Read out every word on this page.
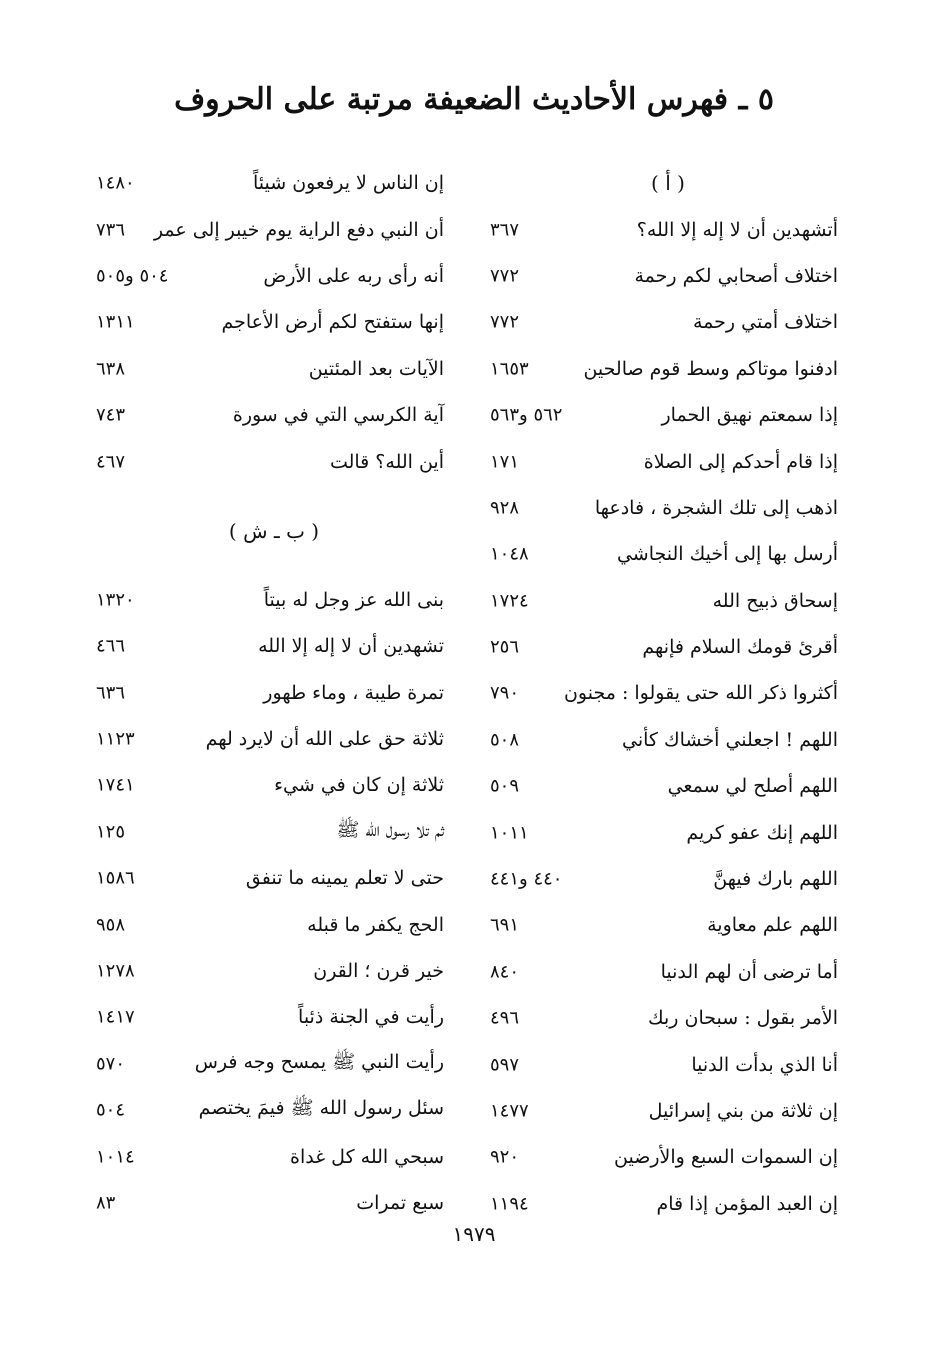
٥ ـ فهرس الأحاديث الضعيفة مرتبة على الحروف
( أ )
أتشهدين أن لا إله إلا الله؟
٣٦٧
اختلاف أصحابي لكم رحمة
٧٧٢
اختلاف أمتي رحمة
٧٧٢
ادفنوا موتاكم وسط قوم صالحين
١٦٥٣
إذا سمعتم نهيق الحمار
٥٦٢ و٥٦٣
إذا قام أحدكم إلى الصلاة
١٧١
اذهب إلى تلك الشجرة ، فادعها
٩٢٨
أرسل بها إلى أخيك النجاشي
١٠٤٨
إسحاق ذبيح الله
١٧٢٤
أقرئ قومك السلام فإنهم
٢٥٦
أكثروا ذكر الله حتى يقولوا : مجنون
٧٩٠
اللهم ! اجعلني أخشاك كأني
٥٠٨
اللهم أصلح لي سمعي
٥٠٩
اللهم إنك عفو كريم
١٠١١
اللهم بارك فيهنَّ
٤٤٠ و٤٤١
اللهم علم معاوية
٦٩١
أما ترضى أن لهم الدنيا
٨٤٠
الأمر بقول : سبحان ربك
٤٩٦
أنا الذي بدأت الدنيا
٥٩٧
إن ثلاثة من بني إسرائيل
١٤٧٧
إن السموات السبع والأرضين
٩٢٠
إن العبد المؤمن إذا قام
١١٩٤
إن الناس لا يرفعون شيئاً
١٤٨٠
أن النبي دفع الراية يوم خيبر إلى عمر
٧٣٦
أنه رأى ربه على الأرض
٥٠٤ و٥٠٥
إنها ستفتح لكم أرض الأعاجم
١٣١١
الآيات بعد المئتين
٦٣٨
آية الكرسي التي في سورة
٧٤٣
أين الله؟ قالت
٤٦٧
( ب ـ ش )
بنى الله عز وجل له بيتاً
١٣٢٠
تشهدين أن لا إله إلا الله
٤٦٦
تمرة طيبة ، وماء طهور
٦٣٦
ثلاثة حق على الله أن لايرد لهم
١١٢٣
ثلاثة إن كان في شيء
١٧٤١
ثم تلا رسول الله ﷺ
١٢٥
حتى لا تعلم يمينه ما تنفق
١٥٨٦
الحج يكفر ما قبله
٩٥٨
خير قرن ؛ القرن
١٢٧٨
رأيت في الجنة ذئباً
١٤١٧
رأيت النبي ﷺ يمسح وجه فرس
٥٧٠
سئل رسول الله ﷺ فيمَ يختصم
٥٠٤
سبحي الله كل غداة
١٠١٤
سبع تمرات
٨٣
١٩٧٩
